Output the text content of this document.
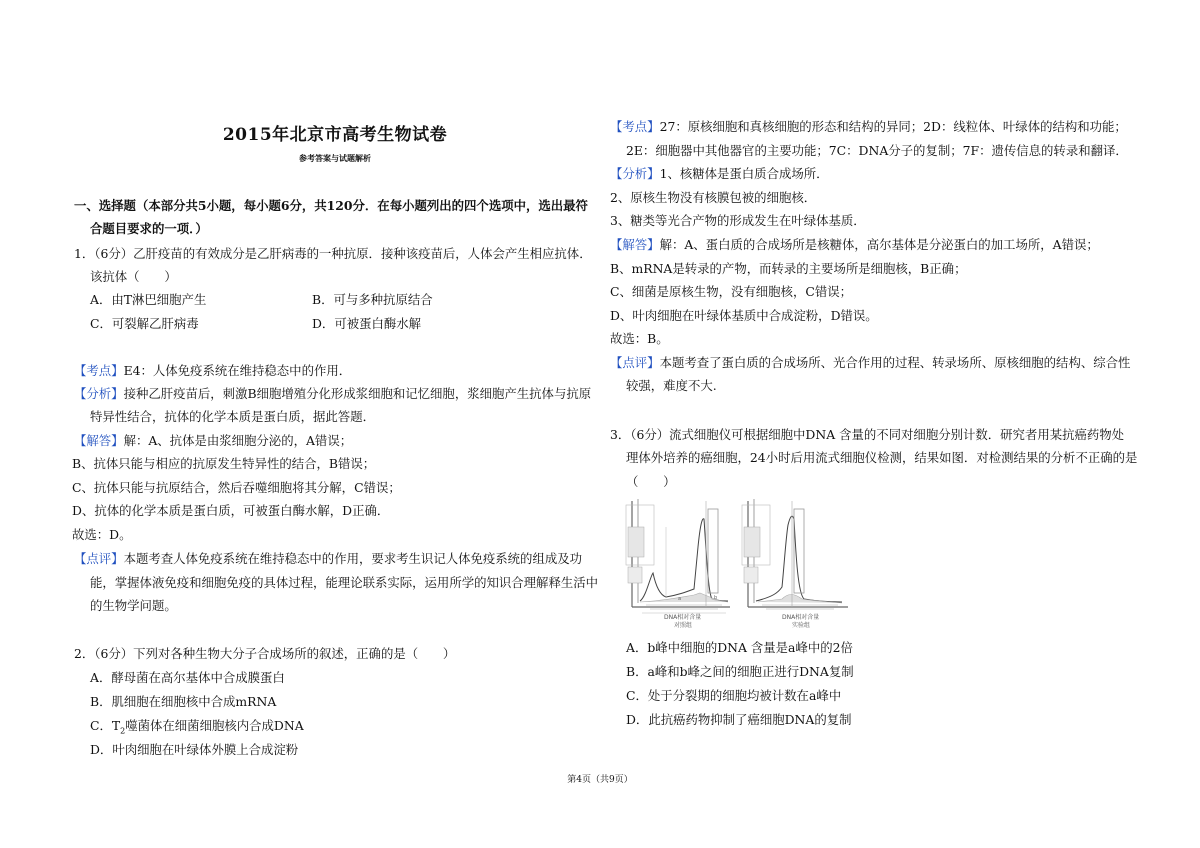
2015年北京市高考生物试卷
参考答案与试题解析
一、选择题（本部分共5小题，每小题6分，共120分．在每小题列出的四个选项中，选出最符
合题目要求的一项．）
1．（6分）乙肝疫苗的有效成分是乙肝病毒的一种抗原．接种该疫苗后，人体会产生相应抗体．
该抗体（　　）
A．由T淋巴细胞产生	B．可与多种抗原结合
C．可裂解乙肝病毒	D．可被蛋白酶水解
【考点】E4：人体免疫系统在维持稳态中的作用．
【分析】接种乙肝疫苗后，刺激B细胞增殖分化形成浆细胞和记忆细胞，浆细胞产生抗体与抗原
特异性结合，抗体的化学本质是蛋白质，据此答题．
【解答】解：A、抗体是由浆细胞分泌的，A错误；
B、抗体只能与相应的抗原发生特异性的结合，B错误；
C、抗体只能与抗原结合，然后吞噬细胞将其分解，C错误；
D、抗体的化学本质是蛋白质，可被蛋白酶水解，D正确．
故选：D。
【点评】本题考查人体免疫系统在维持稳态中的作用，要求考生识记人体免疫系统的组成及功
能，掌握体液免疫和细胞免疫的具体过程，能理论联系实际，运用所学的知识合理解释生活中
的生物学问题。
2．（6分）下列对各种生物大分子合成场所的叙述，正确的是（　　）
A．酵母菌在高尔基体中合成膜蛋白
B．肌细胞在细胞核中合成mRNA
C．$T_2$噬菌体在细菌细胞核内合成DNA
D．叶肉细胞在叶绿体外膜上合成淀粉
【考点】27：原核细胞和真核细胞的形态和结构的异同；2D：线粒体、叶绿体的结构和功能；
2E：细胞器中其他器官的主要功能；7C：DNA分子的复制；7F：遗传信息的转录和翻译．
【分析】1、核糖体是蛋白质合成场所．
2、原核生物没有核膜包被的细胞核．
3、糖类等光合产物的形成发生在叶绿体基质．
【解答】解：A、蛋白质的合成场所是核糖体，高尔基体是分泌蛋白的加工场所，A错误；
B、mRNA是转录的产物，而转录的主要场所是细胞核，B正确；
C、细菌是原核生物，没有细胞核，C错误；
D、叶肉细胞在叶绿体基质中合成淀粉，D错误。
故选：B。
【点评】本题考查了蛋白质的合成场所、光合作用的过程、转录场所、原核细胞的结构、综合性
较强，难度不大.
3．（6分）流式细胞仪可根据细胞中DNA 含量的不同对细胞分别计数．研究者用某抗癌药物处
理体外培养的癌细胞，24小时后用流式细胞仪检测，结果如图．对检测结果的分析不正确的是
（　　）
a	b
DNA相对含量
对照组
DNA相对含量
实验组
A．b峰中细胞的DNA 含量是a峰中的2倍
B．a峰和b峰之间的细胞正进行DNA复制
C．处于分裂期的细胞均被计数在a峰中
D．此抗癌药物抑制了癌细胞DNA的复制
第4页（共9页）
